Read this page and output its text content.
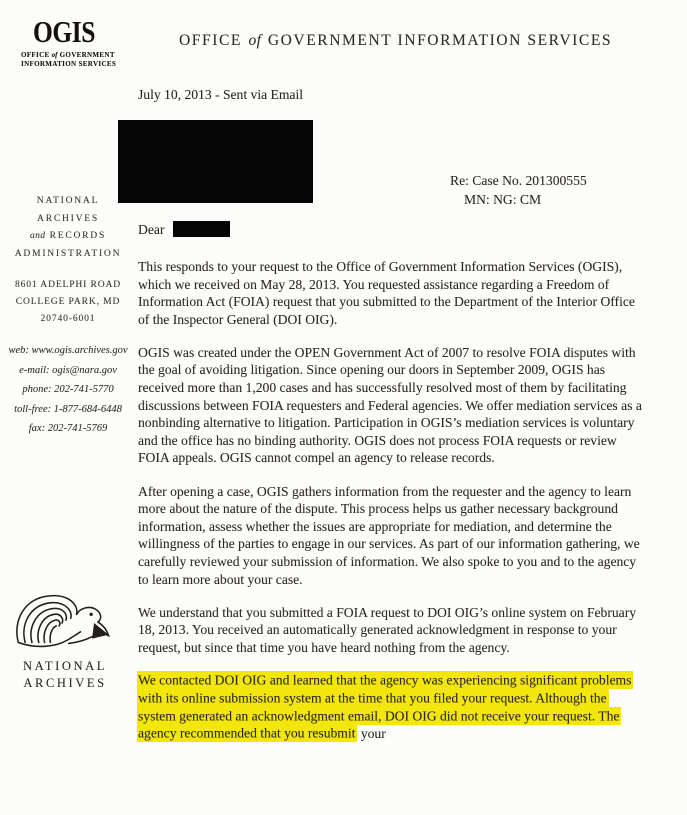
OGIS
OFFICE of GOVERNMENT
INFORMATION SERVICES
OFFICE of GOVERNMENT INFORMATION SERVICES
July 10, 2013 - Sent via Email
Re: Case No. 201300555
MN: NG: CM
Dear
NATIONAL
ARCHIVES
and RECORDS
ADMINISTRATION
8601 ADELPHI ROAD
COLLEGE PARK, MD
20740-6001
web: www.ogis.archives.gov
e-mail: ogis@nara.gov
phone: 202-741-5770
toll-free: 1-877-684-6448
fax: 202-741-5769
NATIONAL
ARCHIVES

This responds to your request to the Office of Government Information Services (OGIS), which we received on May 28, 2013. You requested assistance regarding a Freedom of Information Act (FOIA) request that you submitted to the Department of the Interior Office of the Inspector General (DOI OIG).

OGIS was created under the OPEN Government Act of 2007 to resolve FOIA disputes with the goal of avoiding litigation. Since opening our doors in September 2009, OGIS has received more than 1,200 cases and has successfully resolved most of them by facilitating discussions between FOIA requesters and Federal agencies. We offer mediation services as a nonbinding alternative to litigation. Participation in OGIS’s mediation services is voluntary and the office has no binding authority. OGIS does not process FOIA requests or review FOIA appeals. OGIS cannot compel an agency to release records.

After opening a case, OGIS gathers information from the requester and the agency to learn more about the nature of the dispute. This process helps us gather necessary background information, assess whether the issues are appropriate for mediation, and determine the willingness of the parties to engage in our services. As part of our information gathering, we carefully reviewed your submission of information. We also spoke to you and to the agency to learn more about your case.

We understand that you submitted a FOIA request to DOI OIG’s online system on February 18, 2013. You received an automatically generated acknowledgment in response to your request, but since that time you have heard nothing from the agency.

We contacted DOI OIG and learned that the agency was experiencing significant problems with its online submission system at the time that you filed your request. Although the system generated an acknowledgment email, DOI OIG did not receive your request. The agency recommended that you resubmit your
